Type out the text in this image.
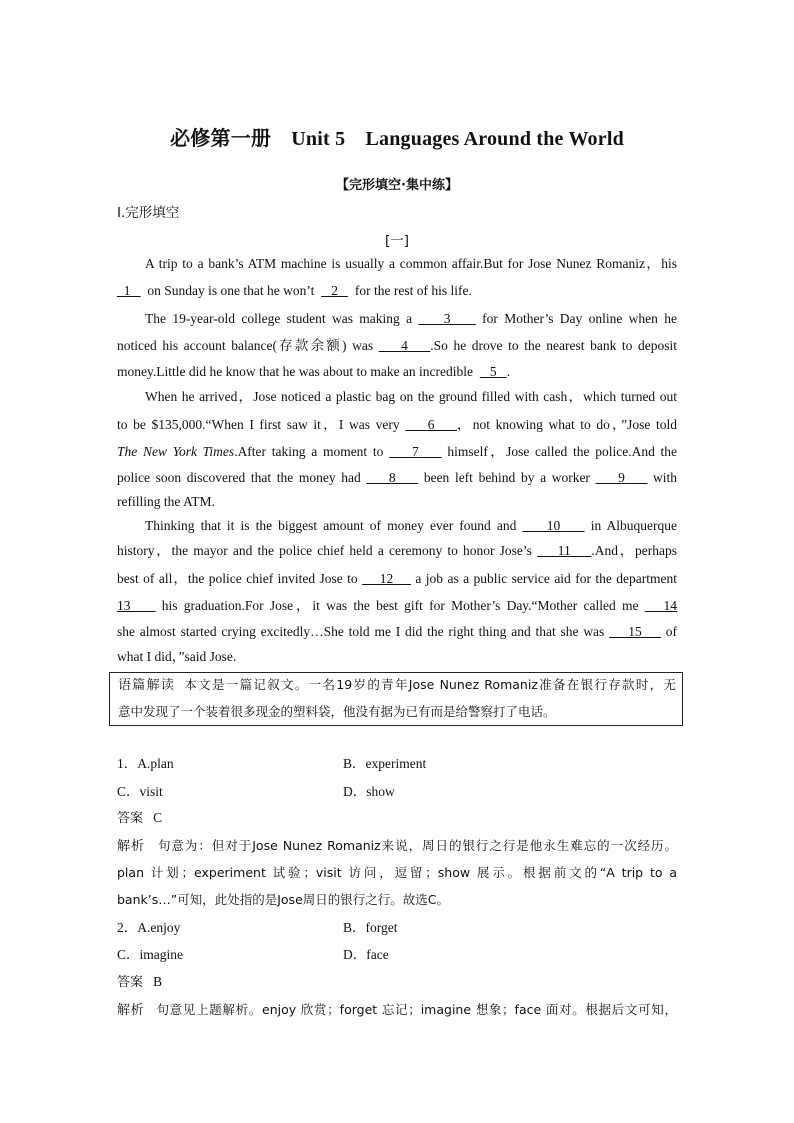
必修第一册　Unit 5　Languages Around the World
【完形填空·集中练】
Ⅰ.完形填空
[一]
A trip to a bank’s ATM machine is usually a common affair.But for Jose Nunez Romaniz，his
1 on Sunday is one that he won’t 2 for the rest of his life.
The 19-year-old college student was making a 3 for Mother’s Day online when he
noticed his account balance(存款余额) was 4 .So he drove to the nearest bank to deposit
money.Little did he know that he was about to make an incredible 5 .
When he arrived，Jose noticed a plastic bag on the ground filled with cash，which turned out
to be $135,000.“When I first saw it，I was very 6 ，not knowing what to do，”Jose told
The New York Times.After taking a moment to 7 himself，Jose called the police.And the
police soon discovered that the money had 8 been left behind by a worker 9 with
refilling the ATM.
Thinking that it is the biggest amount of money ever found and 10 in Albuquerque
history，the mayor and the police chief held a ceremony to honor Jose’s 11 .And，perhaps
best of all，the police chief invited Jose to 12 a job as a public service aid for the department
13 his graduation.For Jose，it was the best gift for Mother’s Day.“Mother called me 14
she almost started crying excitedly…She told me I did the right thing and that she was 15 of
what I did，”said Jose.
语篇解读 本文是一篇记叙文。一名19岁的青年Jose Nunez Romaniz准备在银行存款时，无
意中发现了一个装着很多现金的塑料袋，他没有据为已有而是给警察打了电话。
1．A.plan	B．experiment
C．visit	D．show
答案 C
解析 句意为：但对于Jose Nunez Romaniz来说，周日的银行之行是他永生难忘的一次经历。
plan 计划；experiment 试验；visit 访问，逗留；show 展示。根据前文的“A trip to a
bank’s…”可知，此处指的是Jose周日的银行之行。故选C。
2．A.enjoy	B．forget
C．imagine	D．face
答案 B
解析 句意见上题解析。enjoy 欣赏；forget 忘记；imagine 想象；face 面对。根据后文可知，
